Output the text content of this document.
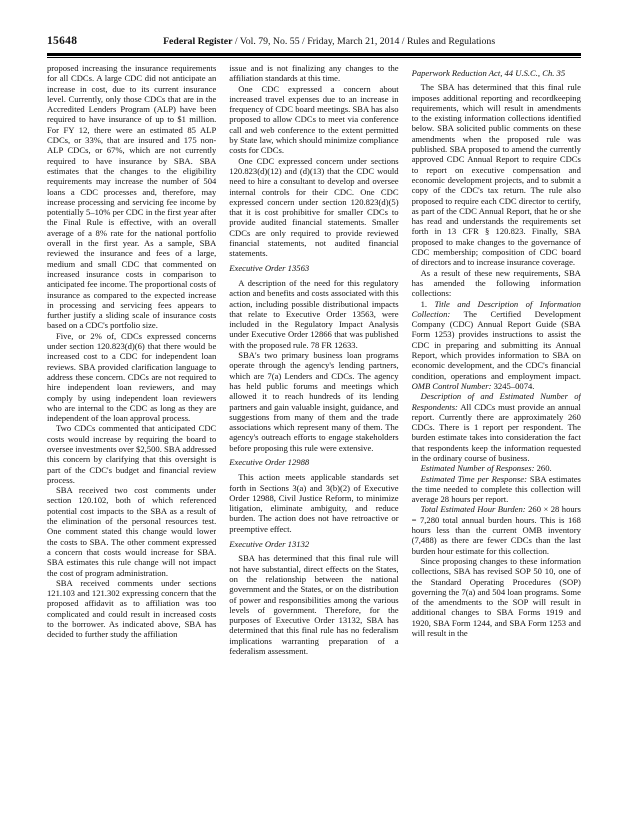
15648	Federal Register / Vol. 79, No. 55 / Friday, March 21, 2014 / Rules and Regulations

proposed increasing the insurance requirements for all CDCs. A large CDC did not anticipate an increase in cost, due to its current insurance level. Currently, only those CDCs that are in the Accredited Lenders Program (ALP) have been required to have insurance of up to $1 million. For FY 12, there were an estimated 85 ALP CDCs, or 33%, that are insured and 175 non-ALP CDCs, or 67%, which are not currently required to have insurance by SBA. SBA estimates that the changes to the eligibility requirements may increase the number of 504 loans a CDC processes and, therefore, may increase processing and servicing fee income by potentially 5–10% per CDC in the first year after the Final Rule is effective, with an overall average of a 8% rate for the national portfolio overall in the first year. As a sample, SBA reviewed the insurance and fees of a large, medium and small CDC that commented on increased insurance costs in comparison to anticipated fee income. The proportional costs of insurance as compared to the expected increase in processing and servicing fees appears to further justify a sliding scale of insurance costs based on a CDC's portfolio size.

Five, or 2% of, CDCs expressed concerns under section 120.823(d)(6) that there would be increased cost to a CDC for independent loan reviews. SBA provided clarification language to address these concern. CDCs are not required to hire independent loan reviewers, and may comply by using independent loan reviewers who are internal to the CDC as long as they are independent of the loan approval process.

Two CDCs commented that anticipated CDC costs would increase by requiring the board to oversee investments over $2,500. SBA addressed this concern by clarifying that this oversight is part of the CDC's budget and financial review process.

SBA received two cost comments under section 120.102, both of which referenced potential cost impacts to the SBA as a result of the elimination of the personal resources test. One comment stated this change would lower the costs to SBA. The other comment expressed a concern that costs would increase for SBA. SBA estimates this rule change will not impact the cost of program administration.

SBA received comments under sections 121.103 and 121.302 expressing concern that the proposed affidavit as to affiliation was too complicated and could result in increased costs to the borrower. As indicated above, SBA has decided to further study the affiliation

issue and is not finalizing any changes to the affiliation standards at this time.

One CDC expressed a concern about increased travel expenses due to an increase in frequency of CDC board meetings. SBA has also proposed to allow CDCs to meet via conference call and web conference to the extent permitted by State law, which should minimize compliance costs for CDCs.

One CDC expressed concern under sections 120.823(d)(12) and (d)(13) that the CDC would need to hire a consultant to develop and oversee internal controls for their CDC. One CDC expressed concern under section 120.823(d)(5) that it is cost prohibitive for smaller CDCs to provide audited financial statements. Smaller CDCs are only required to provide reviewed financial statements, not audited financial statements.

Executive Order 13563

A description of the need for this regulatory action and benefits and costs associated with this action, including possible distributional impacts that relate to Executive Order 13563, were included in the Regulatory Impact Analysis under Executive Order 12866 that was published with the proposed rule. 78 FR 12633.

SBA's two primary business loan programs operate through the agency's lending partners, which are 7(a) Lenders and CDCs. The agency has held public forums and meetings which allowed it to reach hundreds of its lending partners and gain valuable insight, guidance, and suggestions from many of them and the trade associations which represent many of them. The agency's outreach efforts to engage stakeholders before proposing this rule were extensive.

Executive Order 12988

This action meets applicable standards set forth in Sections 3(a) and 3(b)(2) of Executive Order 12988, Civil Justice Reform, to minimize litigation, eliminate ambiguity, and reduce burden. The action does not have retroactive or preemptive effect.

Executive Order 13132

SBA has determined that this final rule will not have substantial, direct effects on the States, on the relationship between the national government and the States, or on the distribution of power and responsibilities among the various levels of government. Therefore, for the purposes of Executive Order 13132, SBA has determined that this final rule has no federalism implications warranting preparation of a federalism assessment.

Paperwork Reduction Act, 44 U.S.C., Ch. 35

The SBA has determined that this final rule imposes additional reporting and recordkeeping requirements, which will result in amendments to the existing information collections identified below. SBA solicited public comments on these amendments when the proposed rule was published. SBA proposed to amend the currently approved CDC Annual Report to require CDCs to report on executive compensation and economic development projects, and to submit a copy of the CDC's tax return. The rule also proposed to require each CDC director to certify, as part of the CDC Annual Report, that he or she has read and understands the requirements set forth in 13 CFR § 120.823. Finally, SBA proposed to make changes to the governance of CDC membership; composition of CDC board of directors and to increase insurance coverage.

As a result of these new requirements, SBA has amended the following information collections:

1. Title and Description of Information Collection: The Certified Development Company (CDC) Annual Report Guide (SBA Form 1253) provides instructions to assist the CDC in preparing and submitting its Annual Report, which provides information to SBA on economic development, and the CDC's financial condition, operations and employment impact. OMB Control Number: 3245–0074.

Description of and Estimated Number of Respondents: All CDCs must provide an annual report. Currently there are approximately 260 CDCs. There is 1 report per respondent. The burden estimate takes into consideration the fact that respondents keep the information requested in the ordinary course of business.

Estimated Number of Responses: 260.

Estimated Time per Response: SBA estimates the time needed to complete this collection will average 28 hours per report.

Total Estimated Hour Burden: 260 × 28 hours = 7,280 total annual burden hours. This is 168 hours less than the current OMB inventory (7,488) as there are fewer CDCs than the last burden hour estimate for this collection.

Since proposing changes to these information collections, SBA has revised SOP 50 10, one of the Standard Operating Procedures (SOP) governing the 7(a) and 504 loan programs. Some of the amendments to the SOP will result in additional changes to SBA Forms 1919 and 1920, SBA Form 1244, and SBA Form 1253 and will result in the
